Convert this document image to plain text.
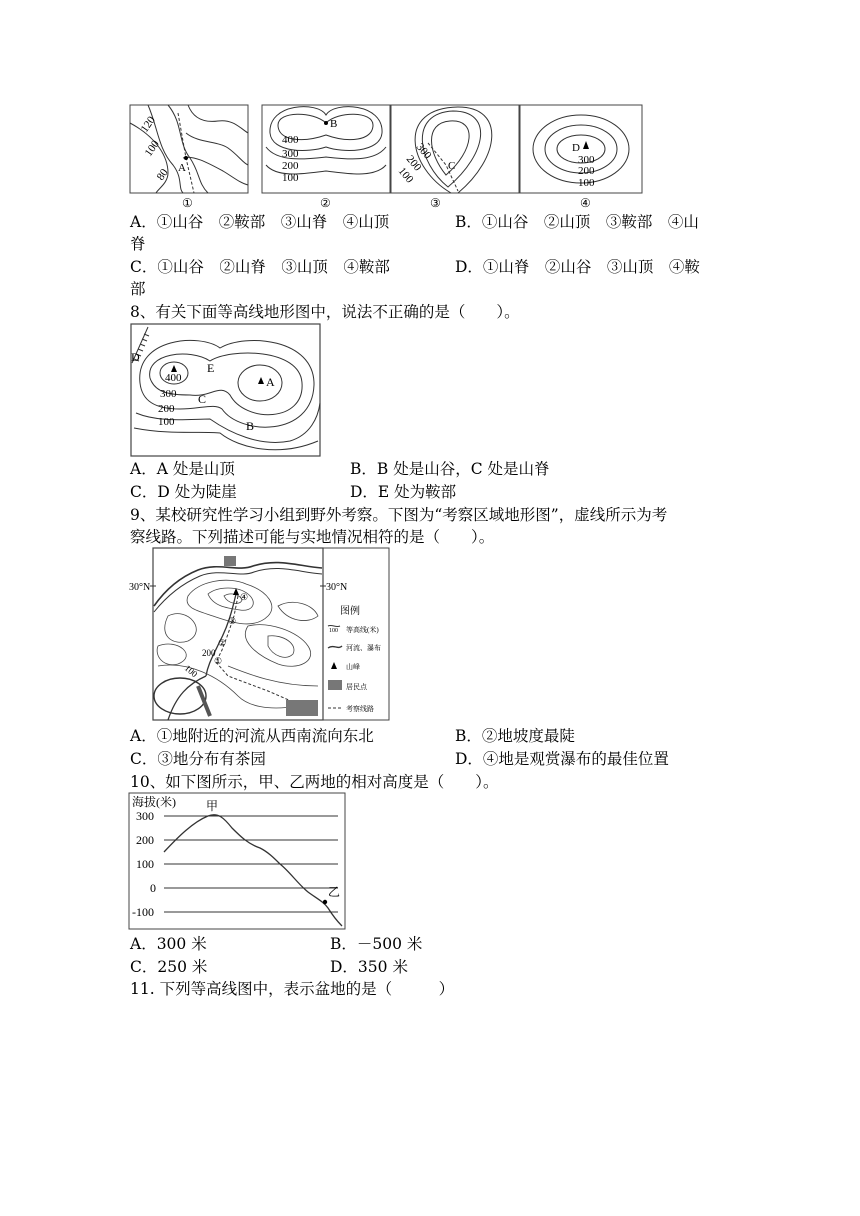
120
100
80 A
①
B
400
300
200
100
②
300
200
100	C
③
D
300
200
100
④
A．①山谷　②鞍部　③山脊　④山顶	B．①山谷　②山顶　③鞍部　④山
脊
C．①山谷　②山脊　③山顶　④鞍部	D．①山脊　②山谷　③山顶　④鞍
部
8、有关下面等高线地形图中，说法不正确的是（　　）。
D
400
E
300
A
200
C
100	B
A．A 处是山顶	B．B 处是山谷，C 处是山脊
C．D 处为陡崖	D．E 处为鞍部
9、某校研究性学习小组到野外考察。下图为“考察区域地形图”，虚线所示为考
察线路。下列描述可能与实地情况相符的是（　　）。
30°N	30°N
④
③
②
①
200
100
图例
100 等高线(米)
河流、瀑布
山峰
居民点
考察线路
A．①地附近的河流从西南流向东北	B．②地坡度最陡
C．③地分布有茶园	D．④地是观赏瀑布的最佳位置
10、如下图所示，甲、乙两地的相对高度是（　　）。
海拔(米)
300
200
100
0
-100
甲
乙
A．300 米	B．－500 米
C．250 米	D．350 米
11. 下列等高线图中，表示盆地的是（　　　）
